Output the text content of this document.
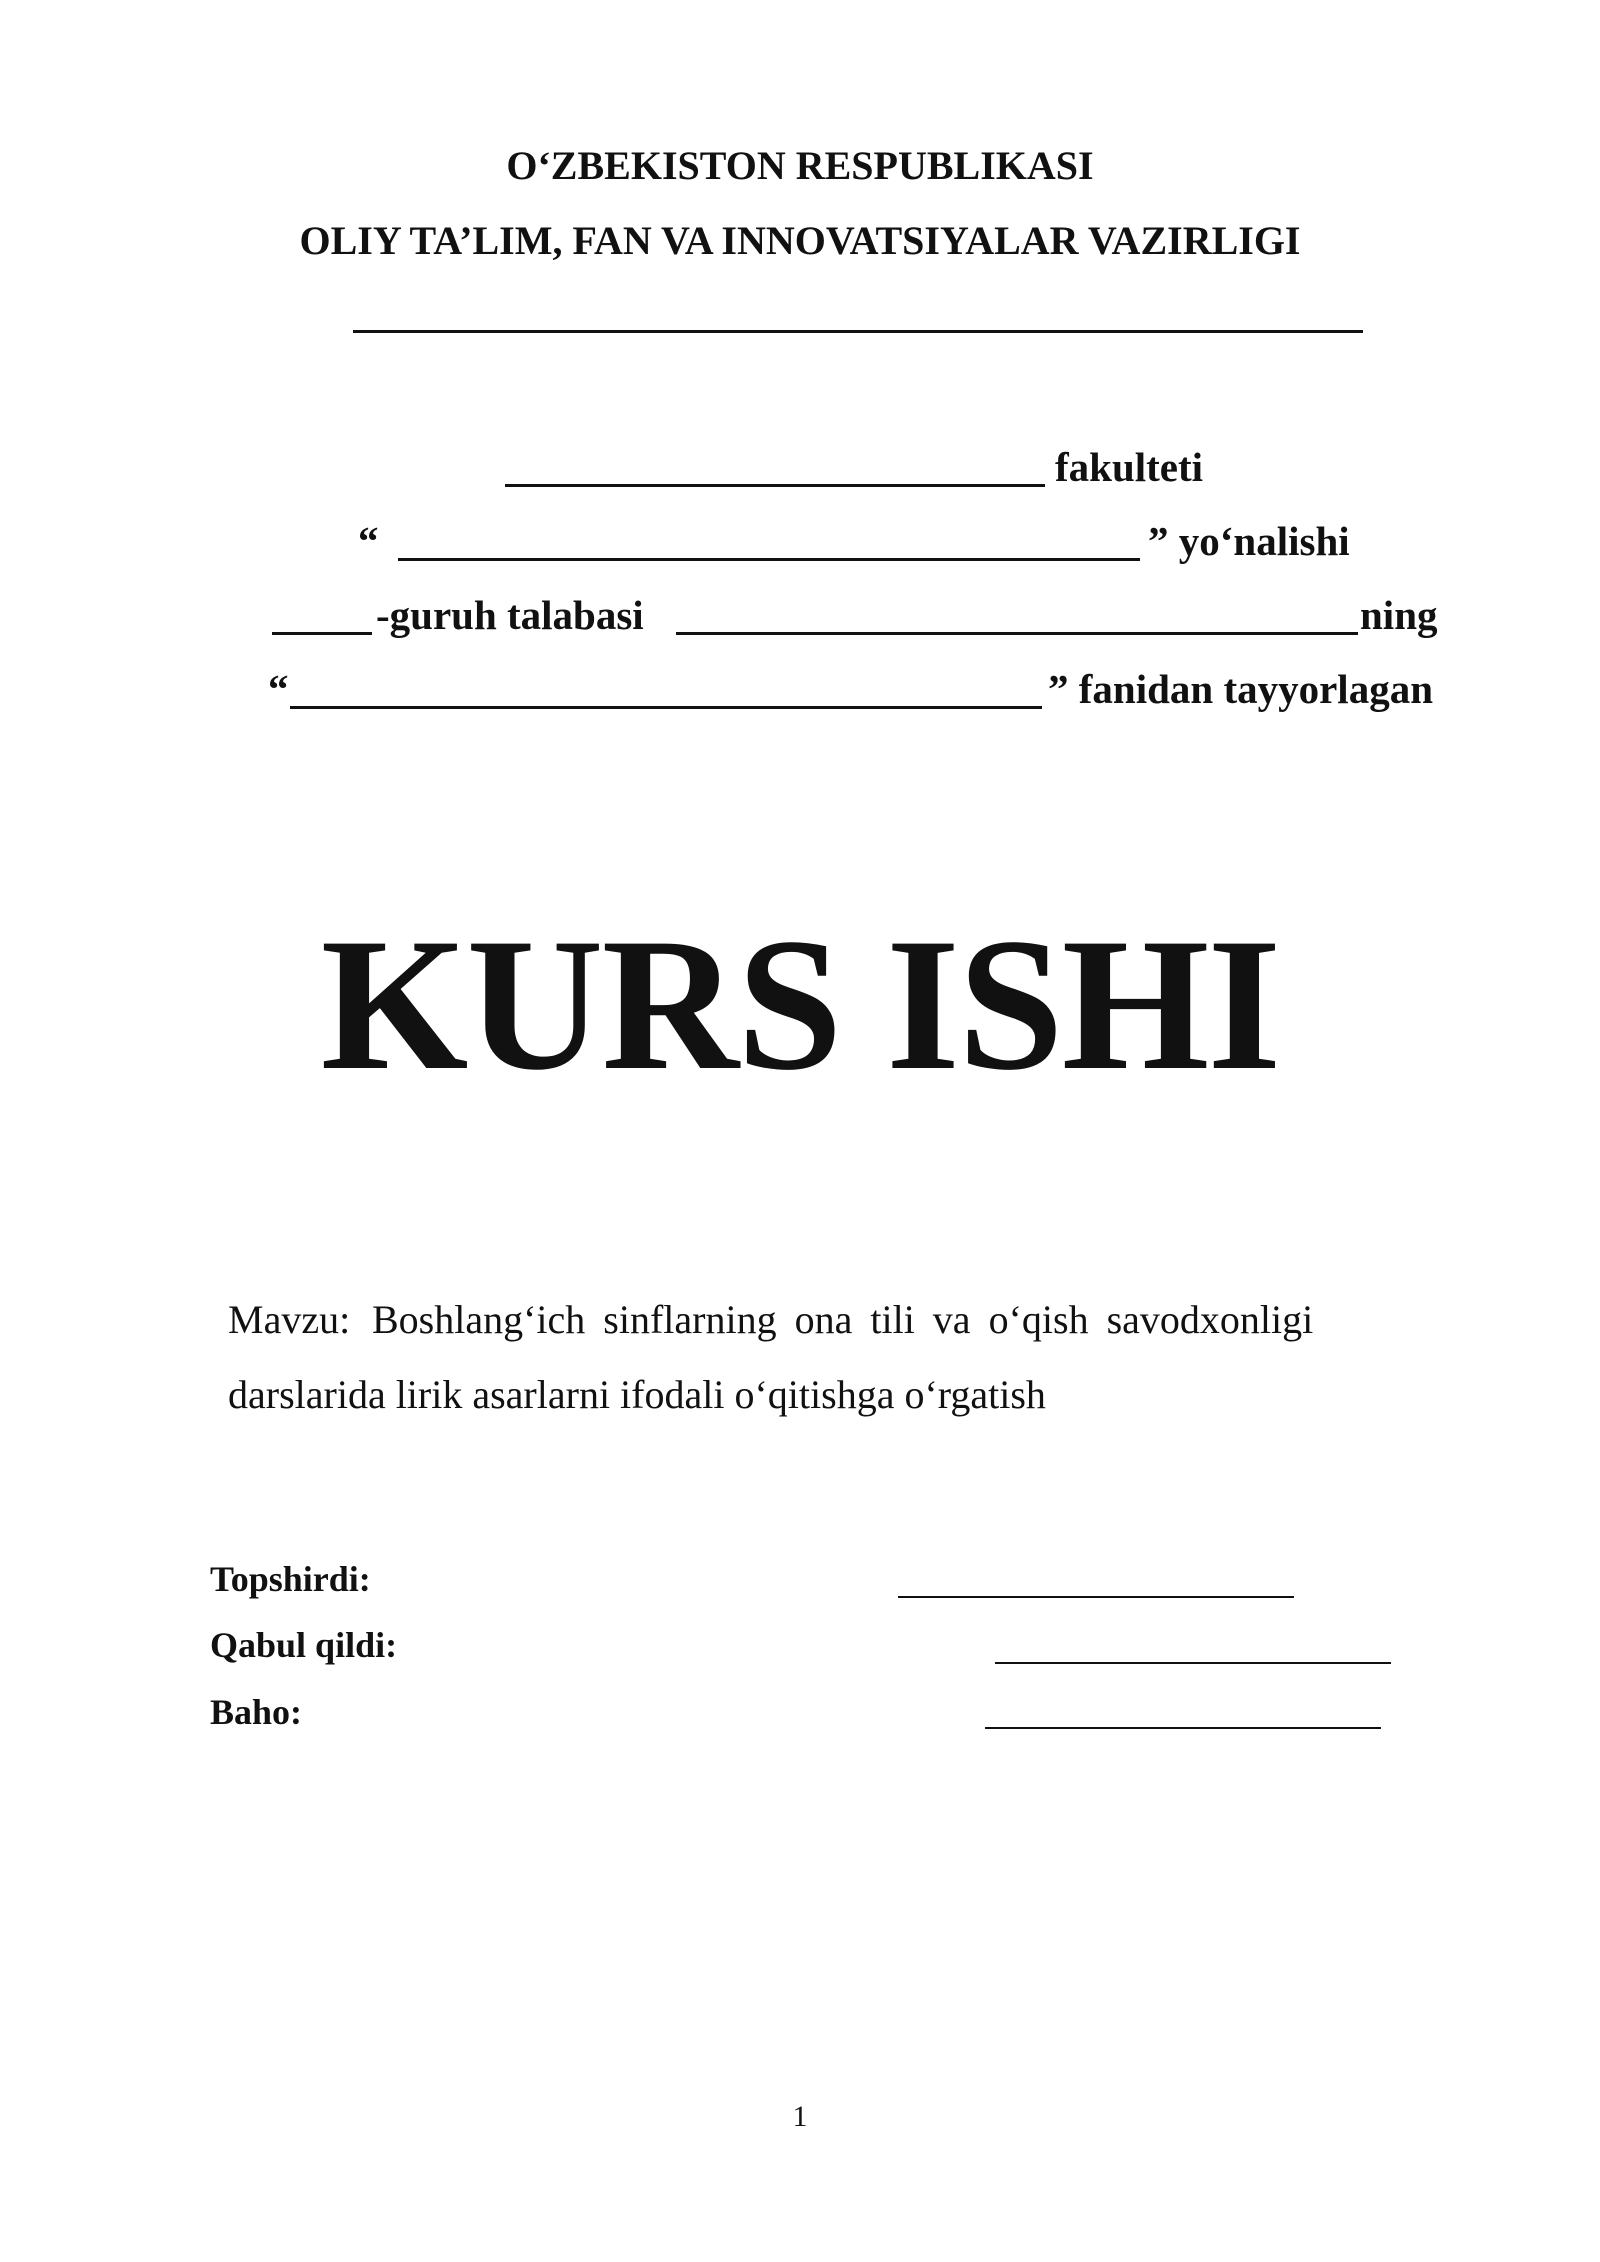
O‘ZBEKISTON RESPUBLIKASI
OLIY TA’LIM, FAN VA INNOVATSIYALAR VAZIRLIGI
fakulteti
“	” yo‘nalishi
-guruh talabasi	ning
“	” fanidan tayyorlagan
KURS ISHI
Mavzu: Boshlang‘ich sinflarning ona tili va o‘qish savodxonligi
darslarida lirik asarlarni ifodali o‘qitishga o‘rgatish
Topshirdi:
Qabul qildi:
Baho:
1
